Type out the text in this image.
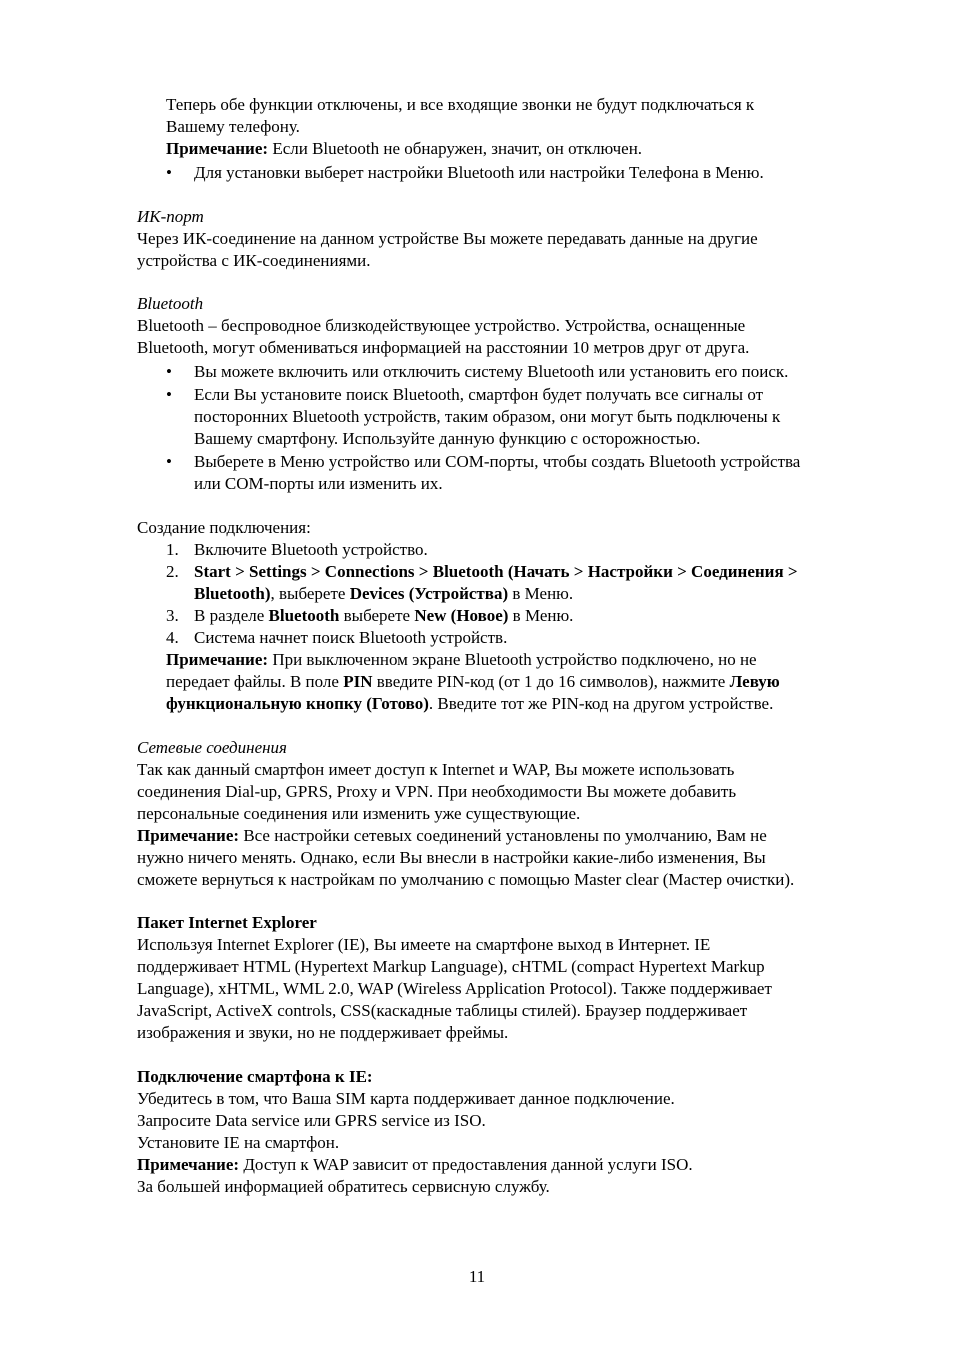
Теперь обе функции отключены, и все входящие звонки не будут подключаться к
Вашему телефону.
Примечание: Если Bluetooth не обнаружен, значит, он отключен.
• Для установки выберет настройки Bluetooth или настройки Телефона в Меню.
ИК-порт
Через ИК-соединение на данном устройстве Вы можете передавать данные на другие
устройства с ИК-соединениями.
Bluetooth
Bluetooth – беспроводное близкодействующее устройство. Устройства, оснащенные
Bluetooth, могут обмениваться информацией на расстоянии 10 метров друг от друга.
• Вы можете включить или отключить систему Bluetooth или установить его поиск.
• Если Вы установите поиск Bluetooth, смартфон будет получать все сигналы от
посторонних Bluetooth устройств, таким образом, они могут быть подключены к
Вашему смартфону. Используйте данную функцию с осторожностью.
• Выберете в Меню устройство или COM-порты, чтобы создать Bluetooth устройства
или COM-порты или изменить их.
Создание подключения:
1. Включите Bluetooth устройство.
2. Start > Settings > Connections > Bluetooth (Начать > Настройки > Соединения >
Bluetooth), выберете Devices (Устройства) в Меню.
3. В разделе Bluetooth выберете New (Новое) в Меню.
4. Система начнет поиск Bluetooth устройств.
Примечание: При выключенном экране Bluetooth устройство подключено, но не
передает файлы. В поле PIN введите PIN-код (от 1 до 16 символов), нажмите Левую
функциональную кнопку (Готово). Введите тот же PIN-код на другом устройстве.
Сетевые соединения
Так как данный смартфон имеет доступ к Internet и WAP, Вы можете использовать
соединения Dial-up, GPRS, Proxy и VPN. При необходимости Вы можете добавить
персональные соединения или изменить уже существующие.
Примечание: Все настройки сетевых соединений установлены по умолчанию, Вам не
нужно ничего менять. Однако, если Вы внесли в настройки какие-либо изменения, Вы
сможете вернуться к настройкам по умолчанию с помощью Master clear (Мастер очистки).
Пакет Internet Explorer
Используя Internet Explorer (IE), Вы имеете на смартфоне выход в Интернет. IE
поддерживает HTML (Hypertext Markup Language), cHTML (compact Hypertext Markup
Language), xHTML, WML 2.0, WAP (Wireless Application Protocol). Также поддерживает
JavaScript, ActiveX controls, CSS(каскадные таблицы стилей). Браузер поддерживает
изображения и звуки, но не поддерживает фреймы.
Подключение смартфона к IE:
Убедитесь в том, что Ваша SIM карта поддерживает данное подключение.
Запросите Data service или GPRS service из ISO.
Установите IE на смартфон.
Примечание: Доступ к WAP зависит от предоставления данной услуги ISO.
За большей информацией обратитесь сервисную службу.
11
